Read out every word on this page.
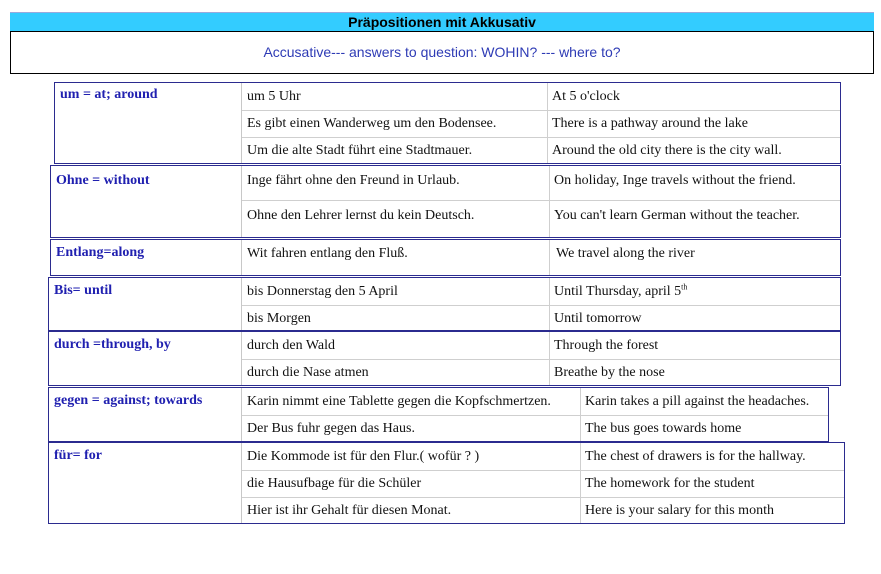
Präpositionen mit Akkusativ
Accusative--- answers to question: WOHIN? --- where to?
um = at; around	um 5 Uhr	At 5 o'clock
Es gibt einen Wanderweg um den Bodensee.	There is a pathway around the lake
Um die alte Stadt führt eine Stadtmauer.	Around the old city there is the city wall.
Ohne = without	Inge fährt ohne den Freund in Urlaub.	On holiday, Inge travels without the friend.
Ohne den Lehrer lernst du kein Deutsch.	You can't learn German without the teacher.
Entlang=along	Wit fahren entlang den Fluß.	We travel along the river
Bis= until	bis Donnerstag den 5 April	Until Thursday, april 5th
bis Morgen	Until tomorrow
durch =through, by	durch den Wald	Through the forest
durch die Nase atmen	Breathe by the nose
gegen = against; towards	Karin nimmt eine Tablette gegen die Kopfschmertzen.	Karin takes a pill against the headaches.
Der Bus fuhr gegen das Haus.	The bus goes towards home
für= for	Die Kommode ist für den Flur.( wofür ? )	The chest of drawers is for the hallway.
die Hausufbage für die Schüler	The homework for the student
Hier ist ihr Gehalt für diesen Monat.	Here is your salary for this month
